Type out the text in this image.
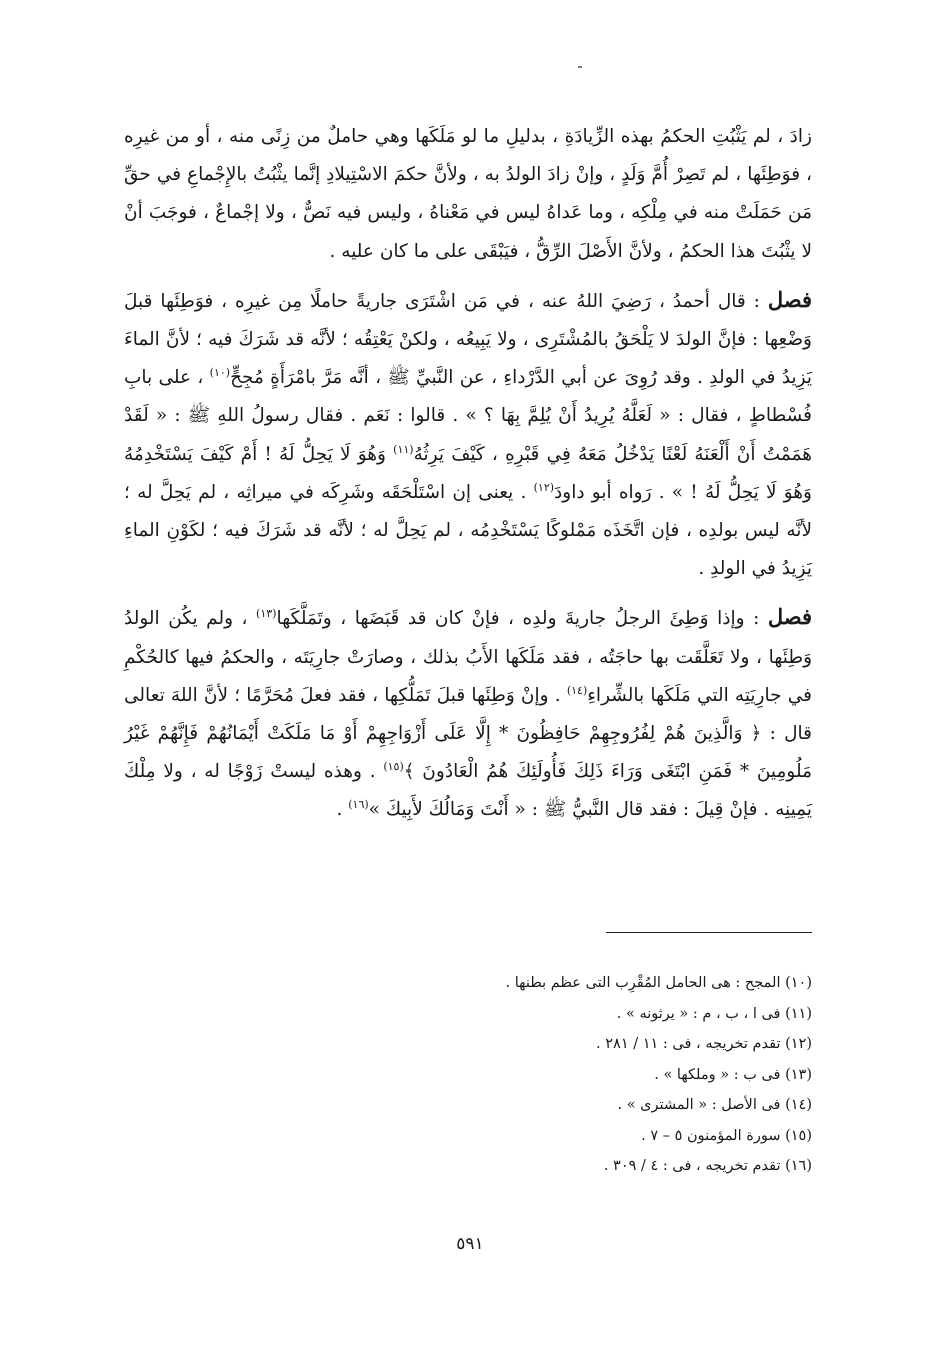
زادَ ، لم يَثْبُتِ الحكمُ بهذه الزِّيادَةِ ، بدليلِ ما لو مَلَكَها وهي حاملٌ من زِنًى منه ، أو من غيرِه ، فوَطِئَها ، لم تَصِرْ أُمَّ وَلَدٍ ، وإنْ زادَ الولدُ به ، ولأنَّ حكمَ الاسْتِيلادِ إنَّما يثْبُتُ بالإِجْماعِ في حقِّ مَن حَمَلَتْ منه في مِلْكِه ، وما عَداهُ ليس في مَعْناهُ ، وليس فيه نَصٌّ ، ولا إجْماعٌ ، فوجَبَ أنْ لا يثْبُتَ هذا الحكمُ ، ولأنَّ الأَصْلَ الرِّقُّ ، فيَبْقَى على ما كان عليه .

فصل : قال أحمدُ ، رَضِيَ اللهُ عنه ، في مَن اشْتَرَى جاريةً حاملًا مِن غيرِه ، فوَطِئَها قبلَ وَضْعِها : فإنَّ الولدَ لا يَلْحَقُ بالمُشْتَرِى ، ولا يَبِيعُه ، ولكنْ يَعْتِقُه ؛ لأنَّه قد شَرَكَ فيه ؛ لأنَّ الماءَ يَزِيدُ في الولدِ . وقد رُوِىَ عن أبي الدَّرْداءِ ، عن النَّبيِّ ﷺ ، أنَّه مَرَّ بامْرَأَةٍ مُجِحٍّ$^{(١٠)}$ ، على بابِ فُسْطاطٍ ، فقال : « لَعَلَّهُ يُرِيدُ أَنْ يُلِمَّ بِهَا ؟ » . قالوا : نَعَم . فقال رسولُ اللهِ ﷺ : « لَقَدْ هَمَمْتُ أَنْ أَلْعَنَهُ لَعْنًا يَدْخُلُ مَعَهُ فِي قَبْرِهِ ، كَيْفَ يَرِثُهُ$^{(١١)}$ وَهُوَ لَا يَحِلُّ لَهُ ! أَمْ كَيْفَ يَسْتَخْدِمُهُ وَهُوَ لَا يَحِلُّ لَهُ ! » . رَواه أبو داودَ$^{(١٢)}$ . يعنى إن اسْتَلْحَقَه وشَرِكَه في ميراثِه ، لم يَحِلَّ له ؛ لأنَّه ليس بولدِه ، فإن اتَّخَذَه مَمْلوكًا يَسْتَخْدِمُه ، لم يَحِلَّ له ؛ لأنَّه قد شَرَكَ فيه ؛ لكَوْنِ الماءِ يَزِيدُ في الولدِ .

فصل : وإذا وَطِئَ الرجلُ جاريةَ ولدِه ، فإنْ كان قد قَبَضَها ، وتَمَلَّكَها$^{(١٣)}$ ، ولم يكُن الولدُ وَطِئَها ، ولا تَعَلَّقَت بها حاجَتُه ، فقد مَلَكَها الأَبُ بذلك ، وصارَتْ جارِيَتَه ، والحكمُ فيها كالحُكْمِ في جارِيَتِه التي مَلَكَها بالشِّراءِ$^{(١٤)}$ . وإنْ وَطِئَها قبلَ تَمَلُّكِها ، فقد فعلَ مُحَرَّمًا ؛ لأنَّ اللهَ تعالى قال : ﴿ وَالَّذِينَ هُمْ لِفُرُوجِهِمْ حَافِظُونَ * إِلَّا عَلَى أَزْوَاجِهِمْ أَوْ مَا مَلَكَتْ أَيْمَانُهُمْ فَإِنَّهُمْ غَيْرُ مَلُومِينَ * فَمَنِ ابْتَغَى وَرَاءَ ذَلِكَ فَأُولَئِكَ هُمُ الْعَادُونَ ﴾$^{(١٥)}$ . وهذه ليستْ زَوْجًا له ، ولا مِلْكَ يَمِينِه . فإنْ قِيلَ : فقد قال النَّبيُّ ﷺ : « أَنْتَ وَمَالُكَ لأَبِيكَ »$^{(١٦)}$ .

(١٠) المجح : هى الحامل المُقْرِب التى عظم بطنها .

(١١) فى ا ، ب ، م : « يرثونه » .

(١٢) تقدم تخريجه ، فى : ١١ / ٢٨١ .

(١٣) فى ب : « وملكها » .

(١٤) فى الأصل : « المشترى » .

(١٥) سورة المؤمنون ٥ – ٧ .

(١٦) تقدم تخريجه ، فى : ٤ / ٣٠٩ .

٥٩١
